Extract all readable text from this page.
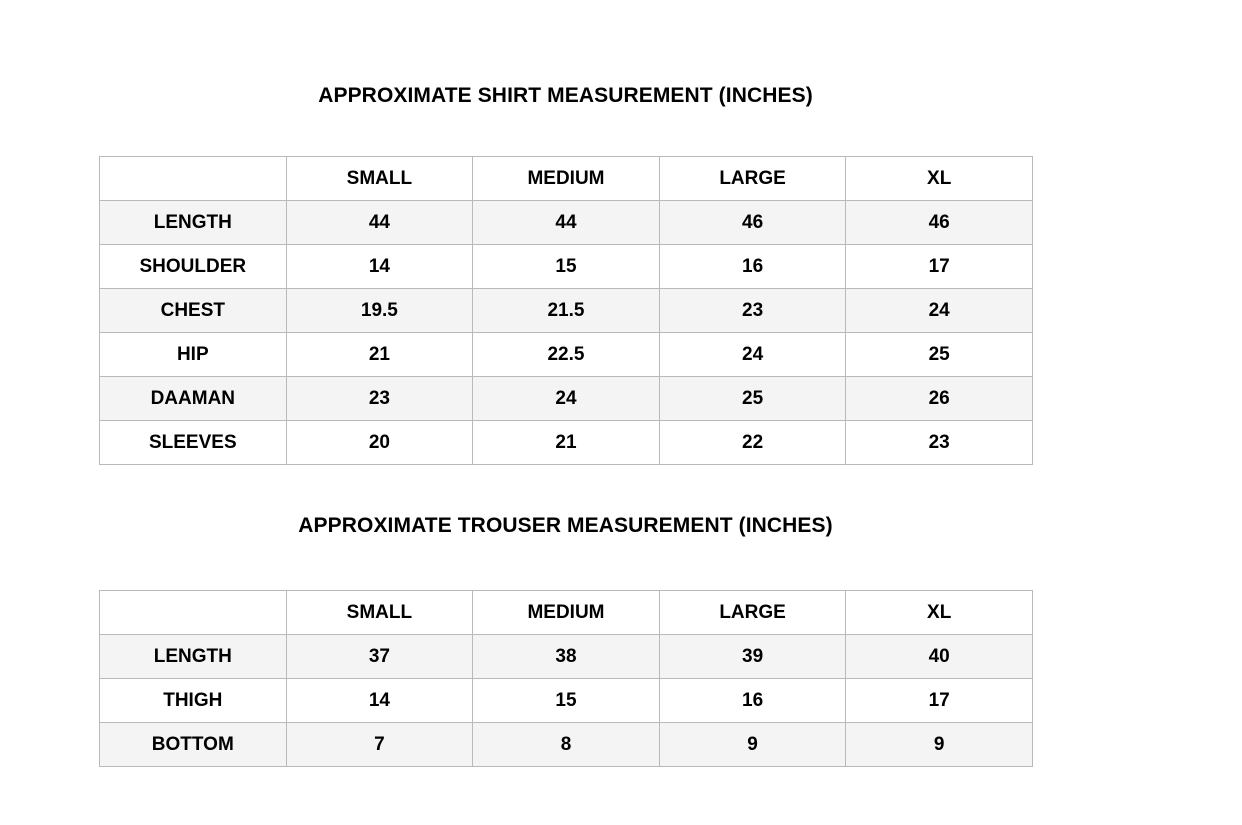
APPROXIMATE SHIRT MEASUREMENT (INCHES)
	SMALL	MEDIUM	LARGE	XL
LENGTH	44	44	46	46
SHOULDER	14	15	16	17
CHEST	19.5	21.5	23	24
HIP	21	22.5	24	25
DAAMAN	23	24	25	26
SLEEVES	20	21	22	23
APPROXIMATE TROUSER MEASUREMENT (INCHES)
	SMALL	MEDIUM	LARGE	XL
LENGTH	37	38	39	40
THIGH	14	15	16	17
BOTTOM	7	8	9	9
